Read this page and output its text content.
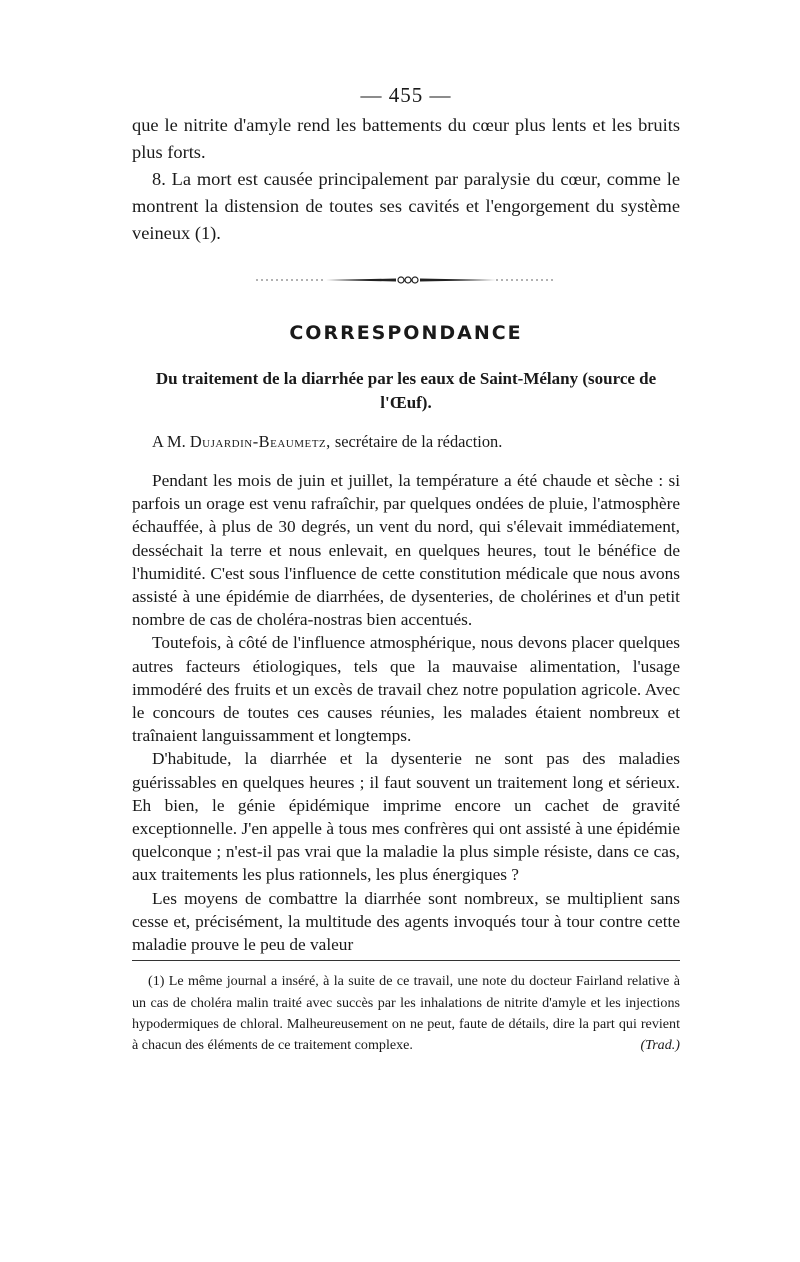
— 455 —

que le nitrite d'amyle rend les battements du cœur plus lents et les bruits plus forts.

8. La mort est causée principalement par paralysie du cœur, comme le montrent la distension de toutes ses cavités et l'engorgement du système veineux (1).

CORRESPONDANCE
Du traitement de la diarrhée par les eaux de Saint-Mélany (source de l'Œuf).
A M. Dujardin-Beaumetz, secrétaire de la rédaction.

Pendant les mois de juin et juillet, la température a été chaude et sèche : si parfois un orage est venu rafraîchir, par quelques ondées de pluie, l'atmosphère échauffée, à plus de 30 degrés, un vent du nord, qui s'élevait immédiatement, desséchait la terre et nous enlevait, en quelques heures, tout le bénéfice de l'humidité. C'est sous l'influence de cette constitution médicale que nous avons assisté à une épidémie de diarrhées, de dysenteries, de cholérines et d'un petit nombre de cas de choléra-nostras bien accentués.

Toutefois, à côté de l'influence atmosphérique, nous devons placer quelques autres facteurs étiologiques, tels que la mauvaise alimentation, l'usage immodéré des fruits et un excès de travail chez notre population agricole. Avec le concours de toutes ces causes réunies, les malades étaient nombreux et traînaient languissamment et longtemps.

D'habitude, la diarrhée et la dysenterie ne sont pas des maladies guérissables en quelques heures ; il faut souvent un traitement long et sérieux. Eh bien, le génie épidémique imprime encore un cachet de gravité exceptionnelle. J'en appelle à tous mes confrères qui ont assisté à une épidémie quelconque ; n'est-il pas vrai que la maladie la plus simple résiste, dans ce cas, aux traitements les plus rationnels, les plus énergiques ?

Les moyens de combattre la diarrhée sont nombreux, se multiplient sans cesse et, précisément, la multitude des agents invoqués tour à tour contre cette maladie prouve le peu de valeur

(1) Le même journal a inséré, à la suite de ce travail, une note du docteur Fairland relative à un cas de choléra malin traité avec succès par les inhalations de nitrite d'amyle et les injections hypodermiques de chloral. Malheureusement on ne peut, faute de détails, dire la part qui revient à chacun des éléments de ce traitement complexe.	(Trad.)
